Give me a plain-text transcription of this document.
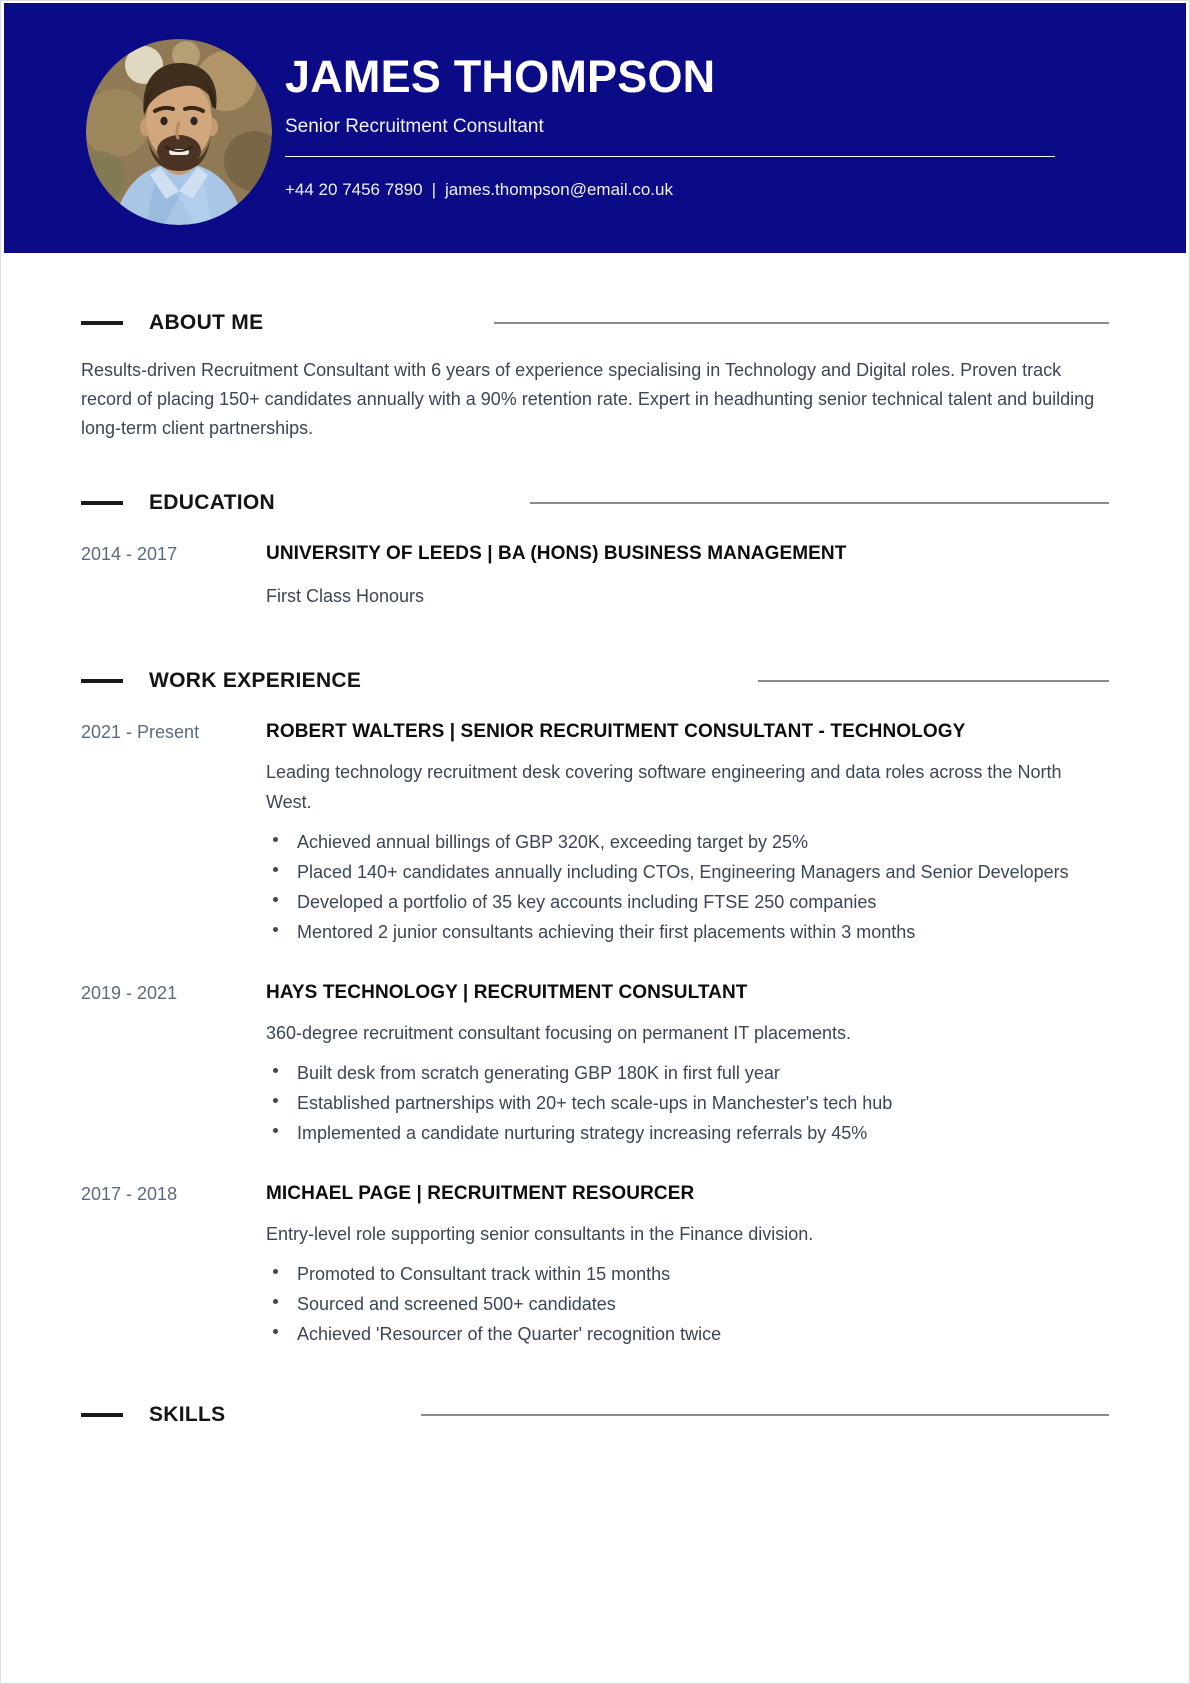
JAMES THOMPSON
Senior Recruitment Consultant
+44 20 7456 7890 | james.thompson@email.co.uk
ABOUT ME

Results-driven Recruitment Consultant with 6 years of experience specialising in Technology and Digital roles. Proven track record of placing 150+ candidates annually with a 90% retention rate. Expert in headhunting senior technical talent and building long-term client partnerships.

EDUCATION
2014 - 2017	UNIVERSITY OF LEEDS | BA (HONS) BUSINESS MANAGEMENT

First Class Honours

WORK EXPERIENCE
2021 - Present	ROBERT WALTERS | SENIOR RECRUITMENT CONSULTANT - TECHNOLOGY

Leading technology recruitment desk covering software engineering and data roles across the North West.

Achieved annual billings of GBP 320K, exceeding target by 25%
Placed 140+ candidates annually including CTOs, Engineering Managers and Senior Developers
Developed a portfolio of 35 key accounts including FTSE 250 companies
Mentored 2 junior consultants achieving their first placements within 3 months
2019 - 2021	HAYS TECHNOLOGY | RECRUITMENT CONSULTANT

360-degree recruitment consultant focusing on permanent IT placements.

Built desk from scratch generating GBP 180K in first full year
Established partnerships with 20+ tech scale-ups in Manchester's tech hub
Implemented a candidate nurturing strategy increasing referrals by 45%
2017 - 2018	MICHAEL PAGE | RECRUITMENT RESOURCER

Entry-level role supporting senior consultants in the Finance division.

Promoted to Consultant track within 15 months
Sourced and screened 500+ candidates
Achieved 'Resourcer of the Quarter' recognition twice
SKILLS
